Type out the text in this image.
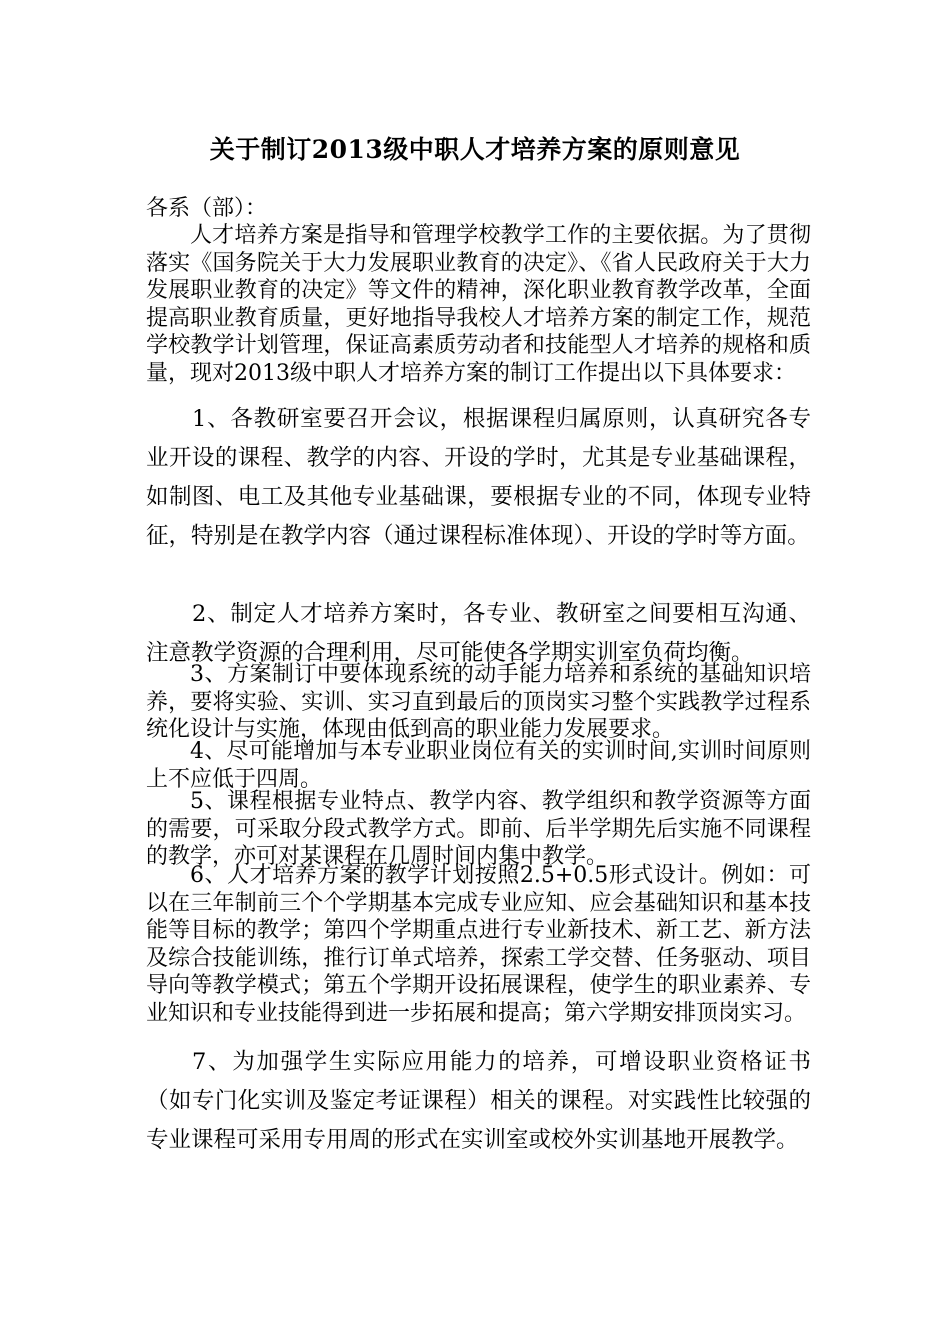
关于制订2013级中职人才培养方案的原则意见

各系（部）：

人才培养方案是指导和管理学校教学工作的主要依据。为了贯彻落实《国务院关于大力发展职业教育的决定》、《省人民政府关于大力发展职业教育的决定》等文件的精神，深化职业教育教学改革，全面提高职业教育质量，更好地指导我校人才培养方案的制定工作，规范学校教学计划管理，保证高素质劳动者和技能型人才培养的规格和质量，现对2013级中职人才培养方案的制订工作提出以下具体要求：

1、各教研室要召开会议，根据课程归属原则，认真研究各专业开设的课程、教学的内容、开设的学时，尤其是专业基础课程，如制图、电工及其他专业基础课，要根据专业的不同，体现专业特征，特别是在教学内容（通过课程标准体现）、开设的学时等方面。

2、制定人才培养方案时，各专业、教研室之间要相互沟通、注意教学资源的合理利用，尽可能使各学期实训室负荷均衡。

3、方案制订中要体现系统的动手能力培养和系统的基础知识培养，要将实验、实训、实习直到最后的顶岗实习整个实践教学过程系统化设计与实施，体现由低到高的职业能力发展要求。

4、尽可能增加与本专业职业岗位有关的实训时间,实训时间原则上不应低于四周。

5、课程根据专业特点、教学内容、教学组织和教学资源等方面的需要，可采取分段式教学方式。即前、后半学期先后实施不同课程的教学，亦可对某课程在几周时间内集中教学。

6、人才培养方案的教学计划按照2.5+0.5形式设计。例如：可以在三年制前三个个学期基本完成专业应知、应会基础知识和基本技能等目标的教学；第四个学期重点进行专业新技术、新工艺、新方法及综合技能训练，推行订单式培养，探索工学交替、任务驱动、项目导向等教学模式；第五个学期开设拓展课程，使学生的职业素养、专业知识和专业技能得到进一步拓展和提高；第六学期安排顶岗实习。

7、为加强学生实际应用能力的培养，可增设职业资格证书（如专门化实训及鉴定考证课程）相关的课程。对实践性比较强的专业课程可采用专用周的形式在实训室或校外实训基地开展教学。
